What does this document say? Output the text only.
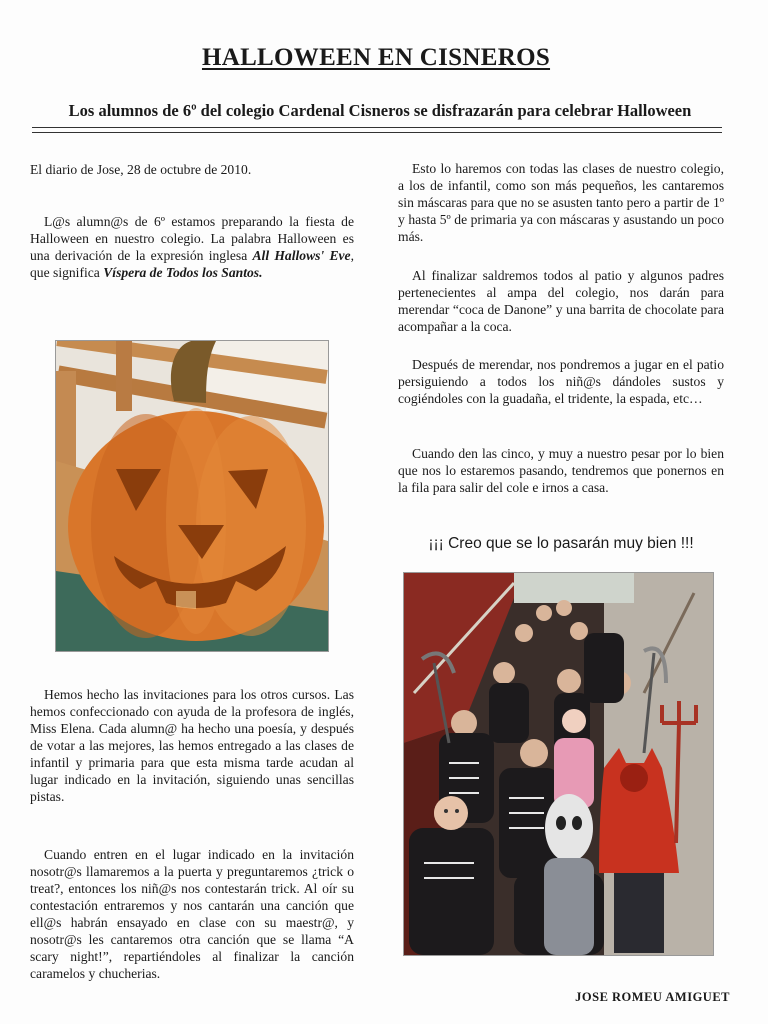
HALLOWEEN EN CISNEROS
Los alumnos de 6º del colegio Cardenal Cisneros se disfrazarán para celebrar Halloween
El diario de Jose, 28 de octubre de 2010.

L@s alumn@s de 6º estamos preparando la fiesta de Halloween en nuestro colegio. La palabra Halloween es una derivación de la expresión inglesa All Hallows' Eve, que significa Víspera de Todos los Santos.

Hemos hecho las invitaciones para los otros cursos. Las hemos confeccionado con ayuda de la profesora de inglés, Miss Elena. Cada alumn@ ha hecho una poesía, y después de votar a las mejores, las hemos entregado a las clases de infantil y primaria para que esta misma tarde acudan al lugar indicado en la invitación, siguiendo unas sencillas pistas.

Cuando entren en el lugar indicado en la invitación nosotr@s llamaremos a la puerta y preguntaremos ¿trick o treat?, entonces los niñ@s nos contestarán trick. Al oír su contestación entraremos y nos cantarán una canción que ell@s habrán ensayado en clase con su maestr@, y nosotr@s les cantaremos otra canción que se llama “A scary night!”, repartiéndoles al finalizar la canción caramelos y chucherias.

Esto lo haremos con todas las clases de nuestro colegio, a los de infantil, como son más pequeños, les cantaremos sin máscaras para que no se asusten tanto pero a partir de 1º y hasta 5º de primaria ya con máscaras y asustando un poco más.

Al finalizar saldremos todos al patio y algunos padres pertenecientes al ampa del colegio, nos darán para merendar “coca de Danone” y una barrita de chocolate para acompañar a la coca.

Después de merendar, nos pondremos a jugar en el patio persiguiendo a todos los niñ@s dándoles sustos y cogiéndoles con la guadaña, el tridente, la espada, etc…

Cuando den las cinco, y muy a nuestro pesar por lo bien que nos lo estaremos pasando, tendremos que ponernos en la fila para salir del cole e irnos a casa.

¡¡¡ Creo que se lo pasarán muy bien !!!
JOSE ROMEU AMIGUET
